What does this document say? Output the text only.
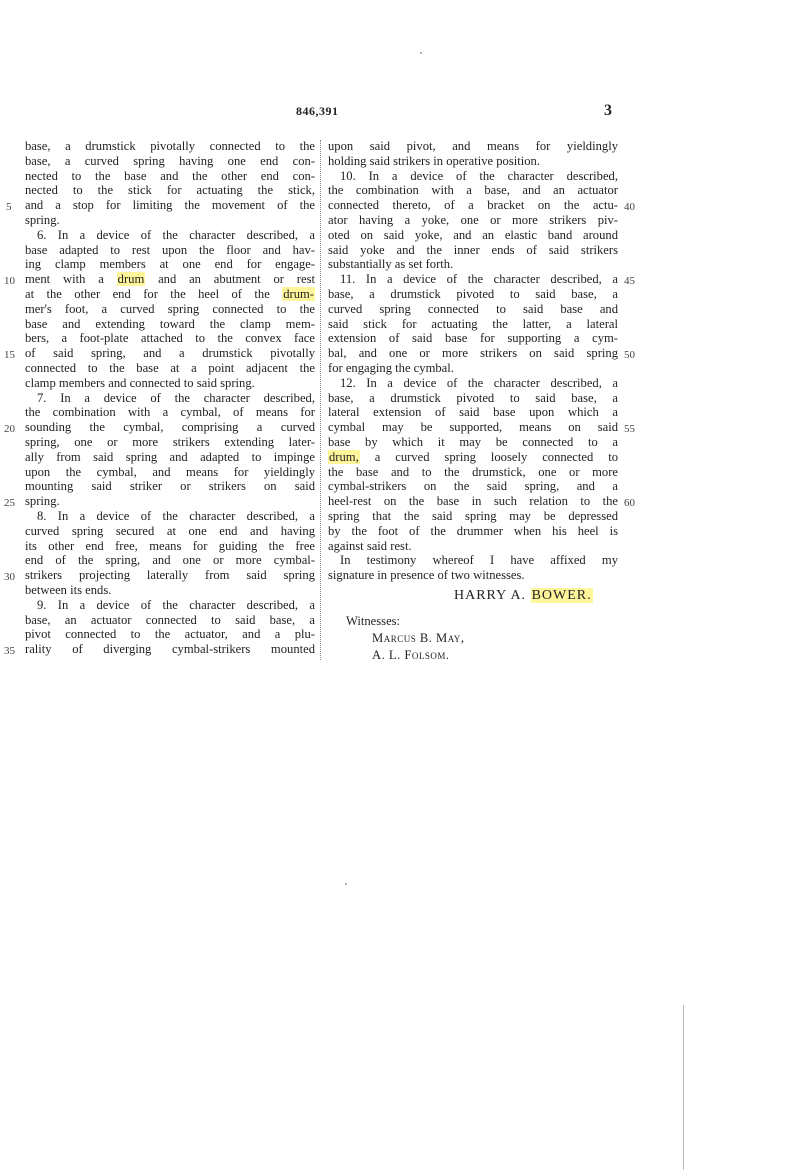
846,391	3
base, a drumstick pivotally connected to the
base, a curved spring having one end con-
nected to the base and the other end con-
nected to the stick for actuating the stick,
and a stop for limiting the movement of the
spring.
6. In a device of the character described, a
base adapted to rest upon the floor and hav-
ing clamp members at one end for engage-
ment with a drum and an abutment or rest
at the other end for the heel of the drum-
mer's foot, a curved spring connected to the
base and extending toward the clamp mem-
bers, a foot-plate attached to the convex face
of said spring, and a drumstick pivotally
connected to the base at a point adjacent the
clamp members and connected to said spring.
7. In a device of the character described,
the combination with a cymbal, of means for
sounding the cymbal, comprising a curved
spring, one or more strikers extending later-
ally from said spring and adapted to impinge
upon the cymbal, and means for yieldingly
mounting said striker or strikers on said
spring.
8. In a device of the character described, a
curved spring secured at one end and having
its other end free, means for guiding the free
end of the spring, and one or more cymbal-
strikers projecting laterally from said spring
between its ends.
9. In a device of the character described, a
base, an actuator connected to said base, a
pivot connected to the actuator, and a plu-
rality of diverging cymbal-strikers mounted
5
10
15
20
25
30
35
upon said pivot, and means for yieldingly
holding said strikers in operative position.
10. In a device of the character described,
the combination with a base, and an actuator
connected thereto, of a bracket on the actu-
ator having a yoke, one or more strikers piv-
oted on said yoke, and an elastic band around
said yoke and the inner ends of said strikers
substantially as set forth.
11. In a device of the character described, a
base, a drumstick pivoted to said base, a
curved spring connected to said base and
said stick for actuating the latter, a lateral
extension of said base for supporting a cym-
bal, and one or more strikers on said spring
for engaging the cymbal.
12. In a device of the character described, a
base, a drumstick pivoted to said base, a
lateral extension of said base upon which a
cymbal may be supported, means on said
base by which it may be connected to a
drum, a curved spring loosely connected to
the base and to the drumstick, one or more
cymbal-strikers on the said spring, and a
heel-rest on the base in such relation to the
spring that the said spring may be depressed
by the foot of the drummer when his heel is
against said rest.
In testimony whereof I have affixed my
signature in presence of two witnesses.
40
45
50
55
60
HARRY A. BOWER.
Witnesses:
Marcus B. May,
A. L. Folsom.
